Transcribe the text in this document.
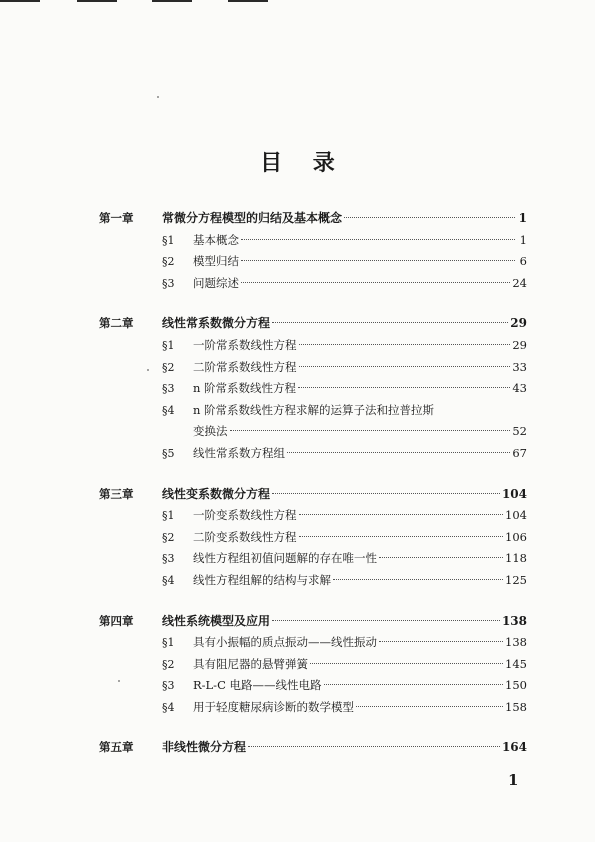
目    录
第一章	常微分方程模型的归结及基本概念	1
§1	基本概念	1
§2	模型归结	6
§3	问题综述	24
第二章	线性常系数微分方程	29
§1	一阶常系数线性方程	29
§2	二阶常系数线性方程	33
§3	n 阶常系数线性方程	43
§4	n 阶常系数线性方程求解的运算子法和拉普拉斯
变换法	52
§5	线性常系数方程组	67
第三章	线性变系数微分方程	104
§1	一阶变系数线性方程	104
§2	二阶变系数线性方程	106
§3	线性方程组初值问题解的存在唯一性	118
§4	线性方程组解的结构与求解	125
第四章	线性系统模型及应用	138
§1	具有小振幅的质点振动——线性振动	138
§2	具有阻尼器的悬臂弹簧	145
§3	R-L-C 电路——线性电路	150
§4	用于轻度糖尿病诊断的数学模型	158
第五章	非线性微分方程	164
1
